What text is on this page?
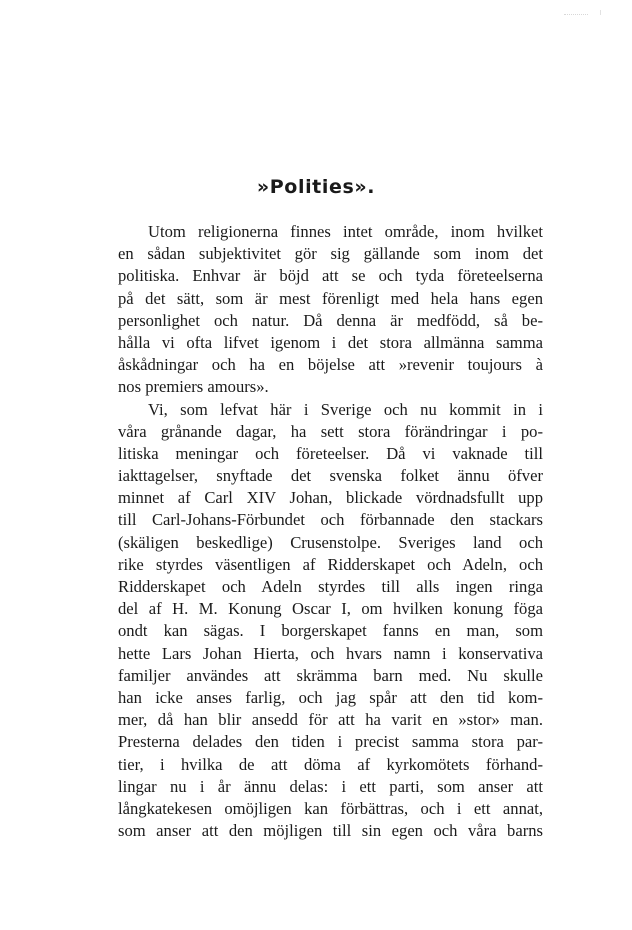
»Polities».
Utom religionerna finnes intet område, inom hvilket
en sådan subjektivitet gör sig gällande som inom det
politiska. Enhvar är böjd att se och tyda företeelserna
på det sätt, som är mest förenligt med hela hans egen
personlighet och natur. Då denna är medfödd, så be-
hålla vi ofta lifvet igenom i det stora allmänna samma
åskådningar och ha en böjelse att »revenir toujours à
nos premiers amours».
Vi, som lefvat här i Sverige och nu kommit in i
våra grånande dagar, ha sett stora förändringar i po-
litiska meningar och företeelser. Då vi vaknade till
iakttagelser, snyftade det svenska folket ännu öfver
minnet af Carl XIV Johan, blickade vördnadsfullt upp
till Carl-Johans-Förbundet och förbannade den stackars
(skäligen beskedlige) Crusenstolpe. Sveriges land och
rike styrdes väsentligen af Ridderskapet och Adeln, och
Ridderskapet och Adeln styrdes till alls ingen ringa
del af H. M. Konung Oscar I, om hvilken konung föga
ondt kan sägas. I borgerskapet fanns en man, som
hette Lars Johan Hierta, och hvars namn i konservativa
familjer användes att skrämma barn med. Nu skulle
han icke anses farlig, och jag spår att den tid kom-
mer, då han blir ansedd för att ha varit en »stor» man.
Presterna delades den tiden i precist samma stora par-
tier, i hvilka de att döma af kyrkomötets förhand-
lingar nu i år ännu delas: i ett parti, som anser att
långkatekesen omöjligen kan förbättras, och i ett annat,
som anser att den möjligen till sin egen och våra barns
